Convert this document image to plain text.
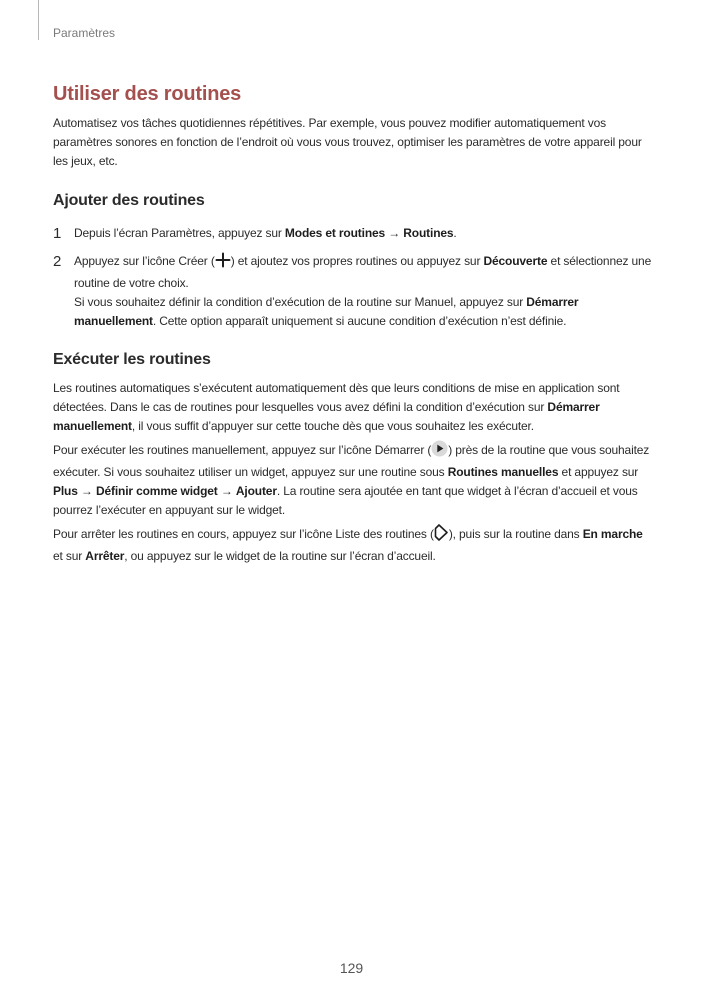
Paramètres
Utiliser des routines

Automatisez vos tâches quotidiennes répétitives. Par exemple, vous pouvez modifier automatiquement vos paramètres sonores en fonction de l’endroit où vous vous trouvez, optimiser les paramètres de votre appareil pour les jeux, etc.

Ajouter des routines
1	Depuis l’écran Paramètres, appuyez sur Modes et routines → Routines.

2	Appuyez sur l’icône Créer ( ) et ajoutez vos propres routines ou appuyez sur Découverte et sélectionnez une routine de votre choix.

Si vous souhaitez définir la condition d’exécution de la routine sur Manuel, appuyez sur Démarrer manuellement. Cette option apparaît uniquement si aucune condition d’exécution n’est définie.

Exécuter les routines

Les routines automatiques s’exécutent automatiquement dès que leurs conditions de mise en application sont détectées. Dans le cas de routines pour lesquelles vous avez défini la condition d’exécution sur Démarrer manuellement, il vous suffit d’appuyer sur cette touche dès que vous souhaitez les exécuter.

Pour exécuter les routines manuellement, appuyez sur l’icône Démarrer ( ) près de la routine que vous souhaitez exécuter. Si vous souhaitez utiliser un widget, appuyez sur une routine sous Routines manuelles et appuyez sur Plus → Définir comme widget → Ajouter. La routine sera ajoutée en tant que widget à l’écran d’accueil et vous pourrez l’exécuter en appuyant sur le widget.

Pour arrêter les routines en cours, appuyez sur l’icône Liste des routines ( ), puis sur la routine dans En marche et sur Arrêter, ou appuyez sur le widget de la routine sur l’écran d’accueil.

129
